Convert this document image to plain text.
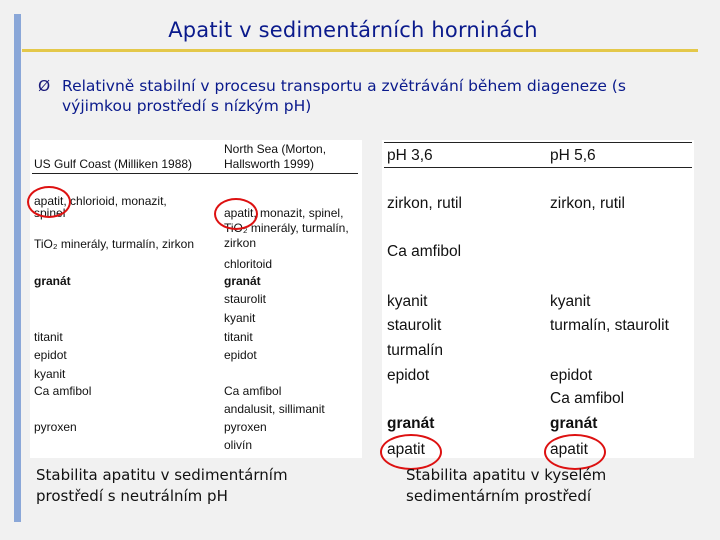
Apatit v sedimentárních horninách
Ø Relativně stabilní v procesu transportu a zvětrávání během diageneze (s
výjimkou prostředí s nízkým pH)
US Gulf Coast (Milliken 1988)
North Sea (Morton,
Hallsworth 1999)
apatit, chlorioid, monazit,
spinel
TiO₂ minerály, turmalín, zirkon
granát
titanit
epidot
kyanit
Ca amfibol
pyroxen
apatit, monazit, spinel,
TiO₂ minerály, turmalín,
zirkon
chloritoid
granát
staurolit
kyanit
titanit
epidot
Ca amfibol
andalusit, sillimanit
pyroxen
olivín
pH 3,6	pH 5,6
zirkon, rutil
Ca amfibol
kyanit
staurolit
turmalín
epidot
granát
apatit
zirkon, rutil
kyanit
turmalín, staurolit
epidot
Ca amfibol
granát
apatit
Stabilita apatitu v sedimentárním
prostředí s neutrálním pH
Stabilita apatitu v kyselém
sedimentárním prostředí
